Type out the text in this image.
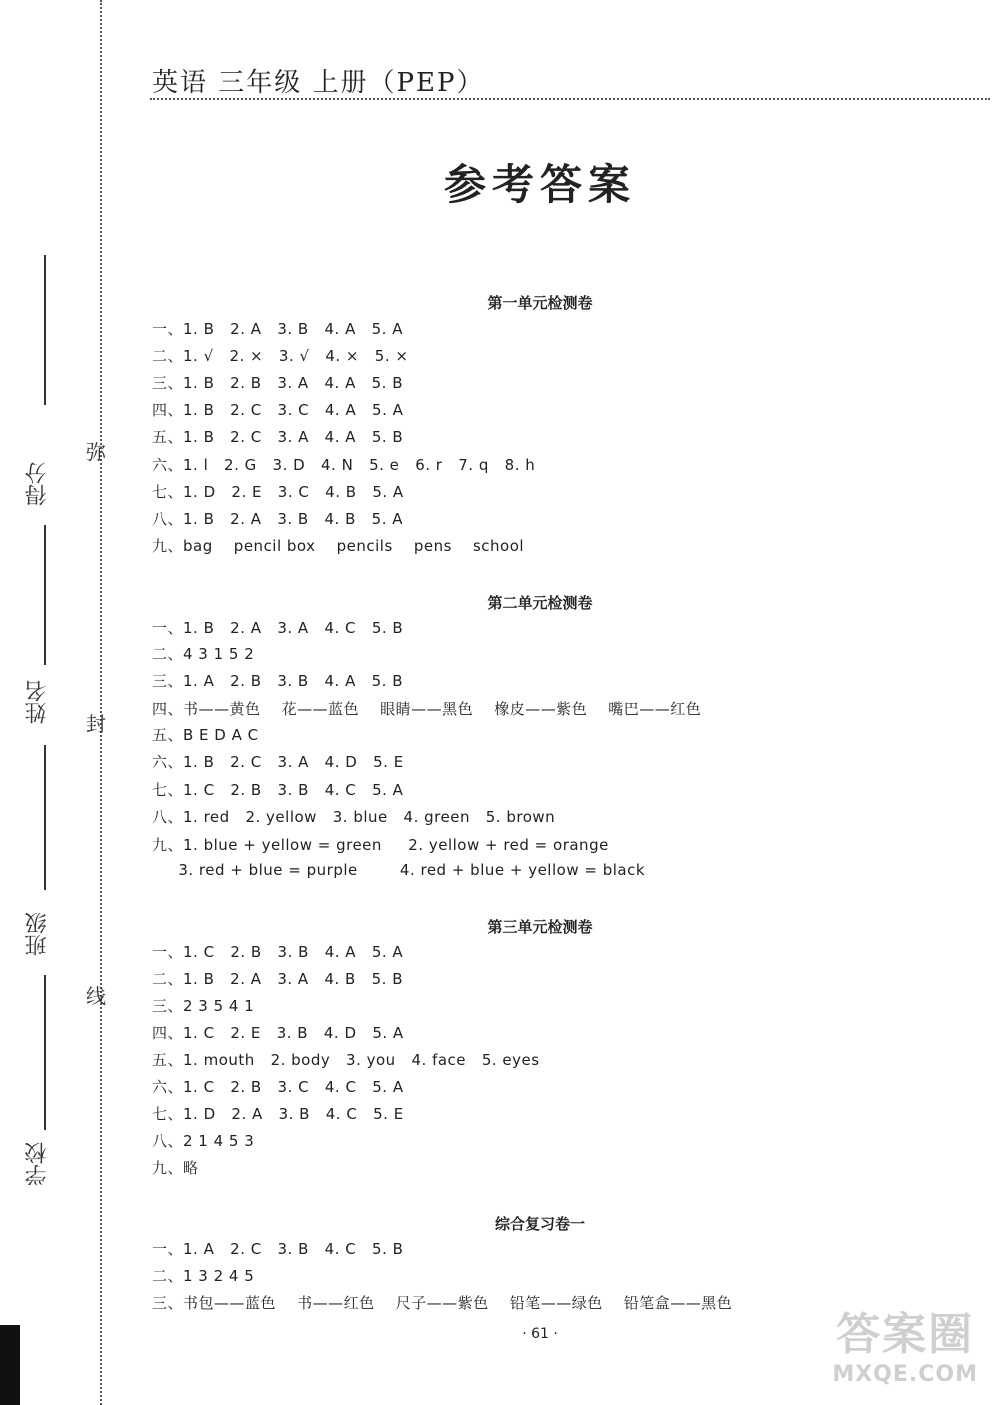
得分
姓名
班级
学校
弥
封
线
英语 三年级 上册（PEP）
参考答案
第一单元检测卷
一、1. B   2. A   3. B   4. A   5. A
二、1. √   2. ×   3. √   4. ×   5. ×
三、1. B   2. B   3. A   4. A   5. B
四、1. B   2. C   3. C   4. A   5. A
五、1. B   2. C   3. A   4. A   5. B
六、1. l   2. G   3. D   4. N   5. e   6. r   7. q   8. h
七、1. D   2. E   3. C   4. B   5. A
八、1. B   2. A   3. B   4. B   5. A
九、bag    pencil box    pencils    pens    school
第二单元检测卷
一、1. B   2. A   3. A   4. C   5. B
二、4 3 1 5 2
三、1. A   2. B   3. B   4. A   5. B
四、书——黄色    花——蓝色    眼睛——黑色    橡皮——紫色    嘴巴——红色
五、B E D A C
六、1. B   2. C   3. A   4. D   5. E
七、1. C   2. B   3. B   4. C   5. A
八、1. red   2. yellow   3. blue   4. green   5. brown
九、1. blue + yellow = green     2. yellow + red = orange
3. red + blue = purple        4. red + blue + yellow = black
第三单元检测卷
一、1. C   2. B   3. B   4. A   5. A
二、1. B   2. A   3. A   4. B   5. B
三、2 3 5 4 1
四、1. C   2. E   3. B   4. D   5. A
五、1. mouth   2. body   3. you   4. face   5. eyes
六、1. C   2. B   3. C   4. C   5. A
七、1. D   2. A   3. B   4. C   5. E
八、2 1 4 5 3
九、略
综合复习卷一
一、1. A   2. C   3. B   4. C   5. B
二、1 3 2 4 5
三、书包——蓝色    书——红色    尺子——紫色    铅笔——绿色    铅笔盒——黑色
· 61 ·	答案圈
MXQE.COM
